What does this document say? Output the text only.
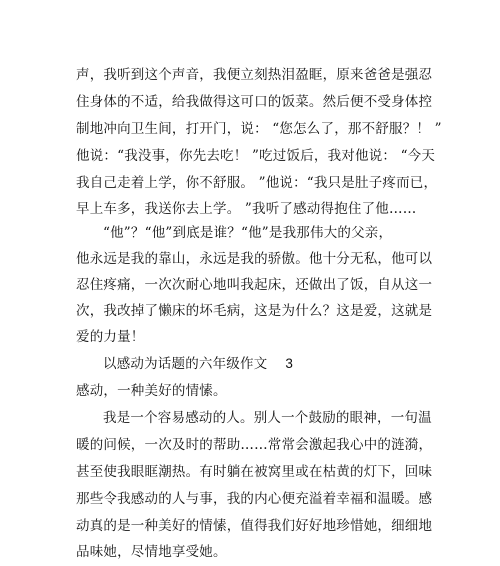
声，我听到这个声音，我便立刻热泪盈眶，原来爸爸是强忍
住身体的不适，给我做得这可口的饭菜。然后便不受身体控
制地冲向卫生间，打开门，说： “您怎么了，那不舒服？！ ”
他说：“我没事，你先去吃！ ”吃过饭后，我对他说： “今天
我自己走着上学，你不舒服。 ”他说：“我只是肚子疼而已，
早上车多，我送你去上学。 ”我听了感动得抱住了他……
“他”？“他”到底是谁？“他”是我那伟大的父亲，
他永远是我的靠山，永远是我的骄傲。他十分无私，他可以
忍住疼痛，一次次耐心地叫我起床，还做出了饭，自从这一
次，我改掉了懒床的坏毛病，这是为什么？这是爱，这就是
爱的力量！
以感动为话题的六年级作文 3
感动，一种美好的情愫。
我是一个容易感动的人。别人一个鼓励的眼神，一句温
暖的问候，一次及时的帮助……常常会激起我心中的涟漪，
甚至使我眼眶潮热。有时躺在被窝里或在枯黄的灯下，回味
那些令我感动的人与事，我的内心便充溢着幸福和温暖。感
动真的是一种美好的情愫，值得我们好好地珍惜她，细细地
品味她，尽情地享受她。
